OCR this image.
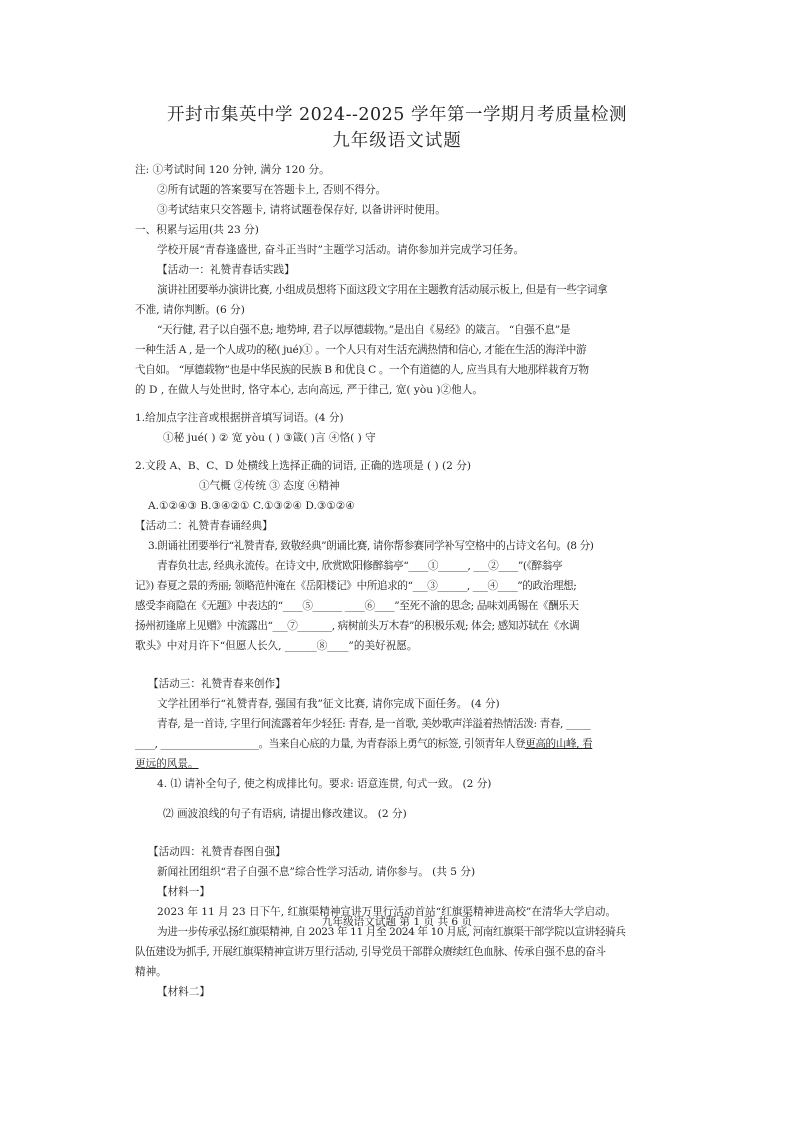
开封市集英中学 2024--2025 学年第一学期月考质量检测
九年级语文试题
注: ①考试时间 120 分钟, 满分 120 分。
②所有试题的答案要写在答题卡上, 否则不得分。
③考试结束只交答题卡, 请将试题卷保存好, 以备讲评时使用。
一、积累与运用(共 23 分)
学校开展“青春逢盛世, 奋斗正当时”主题学习活动。请你参加并完成学习任务。
【活动一：礼赞青春话实践】
演讲社团要举办演讲比赛, 小组成员想将下面这段文字用在主题教育活动展示板上, 但是有一些字词拿
不准, 请你判断。(6 分)
“天行健, 君子以自强不息; 地势坤, 君子以厚德载物。”是出自《易经》的箴言。 “自强不息”是
一种生活 A , 是一个人成功的秘( jué)① 。一个人只有对生活充满热情和信心, 才能在生活的海洋中游
弋自如。 “厚德载物”也是中华民族的民族 B 和优良 C 。一个有道德的人, 应当具有大地那样栽育万物
的 D , 在做人与处世时, 恪守本心, 志向高远, 严于律己, 宽( yòu )②他人。
1.给加点字注音或根据拼音填写词语。(4 分)
①秘 jué( ) ② 宽 yòu ( ) ③箴( )言 ④恪( ) 守
2.文段 A、B、C、D 处横线上选择正确的词语, 正确的选项是 ( ) (2 分)
①气概 ②传统 ③ 态度 ④精神
A.①②④③ B.③④②① C.①③②④ D.③①②④
【活动二：礼赞青春诵经典】
3.朗诵社团要举行“礼赞青春, 致敬经典”朗诵比赛, 请你帮参赛同学补写空格中的占诗文名句。(8 分)
青春负壮志, 经典永流传。在诗文中, 欣赏欧阳修醉翁亭“____①______, ___②____”(《醉翁亭
记》) 春夏之景的秀丽; 领略范仲淹在《岳阳楼记》中所追求的“___③______, ___④____”的政治理想;
感受李商隐在《无题》中表达的“____⑤______ ____⑥____”至死不渝的思念; 品味刘禹锡在《酬乐天
扬州初逢席上见赠》中流露出“___⑦_______, 病树前头万木春”的积极乐观; 体会; 感知苏轼在《水调
歌头》中对月许下“但愿人长久, ______⑧____”的美好祝愿。
【活动三：礼赞青春来创作】
文学社团举行“礼赞青春, 强国有我”征文比赛, 请你完成下面任务。 (4 分)
青春, 是一首诗, 字里行间流露着年少轻狂: 青春, 是一首歌, 美妙歌声洋溢着热情活泼: 青春, _____
____, ____________________。当来自心底的力量, 为青春添上勇气的标签, 引领青年人登更高的山峰, 看
更远的风景。
4. ⑴ 请补全句子, 使之构成排比句。要求: 语意连贯, 句式一致。 (2 分)
⑵ 画波浪线的句子有语病, 请提出修改建议。 (2 分)
【活动四：礼赞青春图自强】
新闻社团组织“君子自强不息”综合性学习活动, 请你参与。 (共 5 分)
【材料一】
2023 年 11 月 23 日下午, 红旗渠精神宣讲万里行活动首站“红旗渠精神进高校”在清华大学启动。
为进一步传承弘扬红旗渠精神, 自 2023 年 11 月至 2024 年 10 月底, 河南红旗渠干部学院以宣讲轻骑兵
队伍建设为抓手, 开展红旗渠精神宣讲万里行活动, 引导党员干部群众赓续红色血脉、传承自强不息的奋斗
精神。
【材料二】
九年级语文试题 第 1 页 共 6 页
